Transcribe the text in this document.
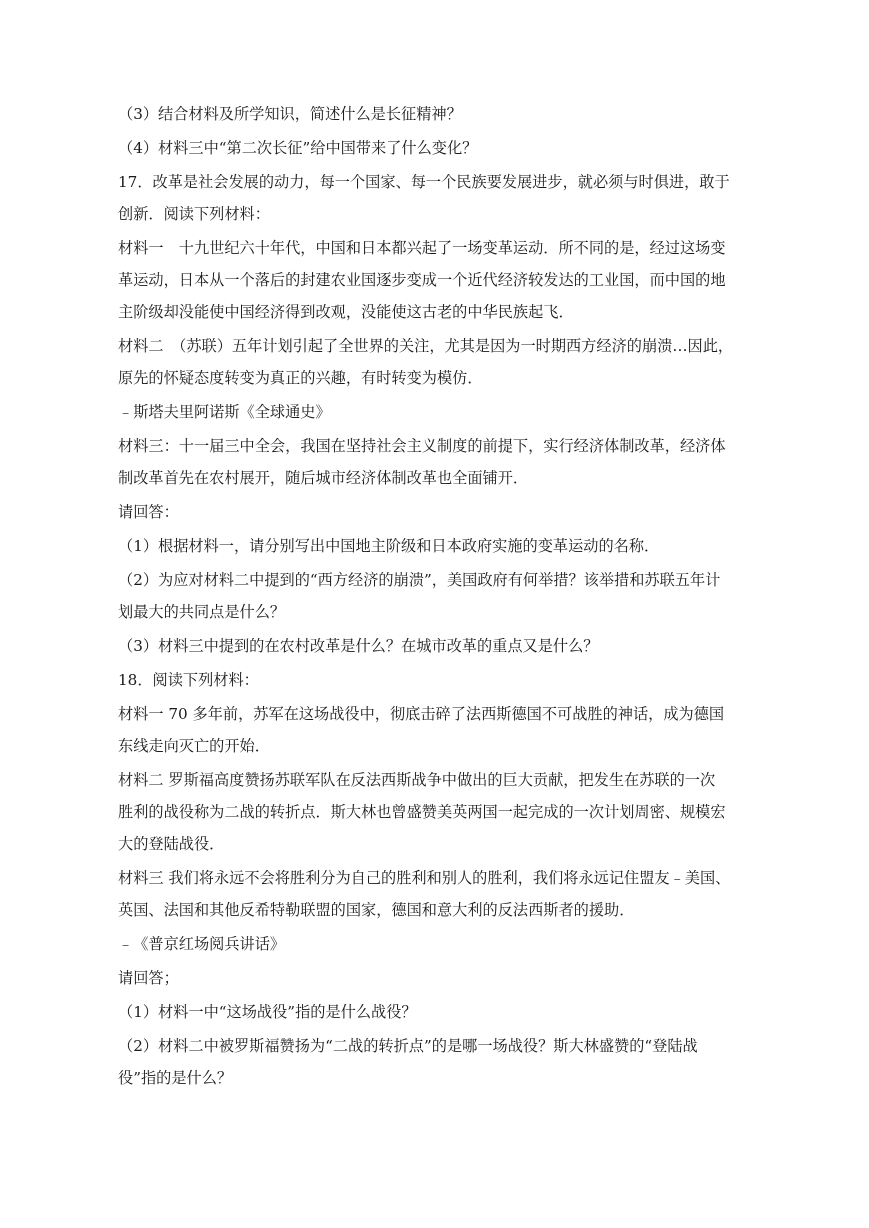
（3）结合材料及所学知识，简述什么是长征精神？

（4）材料三中“第二次长征”给中国带来了什么变化？

17．改革是社会发展的动力，每一个国家、每一个民族要发展进步，就必须与时俱进，敢于

创新．阅读下列材料：

材料一　十九世纪六十年代，中国和日本都兴起了一场变革运动．所不同的是，经过这场变

革运动，日本从一个落后的封建农业国逐步变成一个近代经济较发达的工业国，而中国的地

主阶级却没能使中国经济得到改观，没能使这古老的中华民族起飞．

材料二　（苏联）五年计划引起了全世界的关注，尤其是因为一时期西方经济的崩溃…因此，

原先的怀疑态度转变为真正的兴趣，有时转变为模仿．

﹣斯塔夫里阿诺斯《全球通史》

材料三：十一届三中全会，我国在坚持社会主义制度的前提下，实行经济体制改革，经济体

制改革首先在农村展开，随后城市经济体制改革也全面铺开．

请回答：

（1）根据材料一，请分别写出中国地主阶级和日本政府实施的变革运动的名称．

（2）为应对材料二中提到的“西方经济的崩溃”，美国政府有何举措？该举措和苏联五年计

划最大的共同点是什么？

（3）材料三中提到的在农村改革是什么？在城市改革的重点又是什么？

18．阅读下列材料：

材料一 70 多年前，苏军在这场战役中，彻底击碎了法西斯德国不可战胜的神话，成为德国

东线走向灭亡的开始．

材料二 罗斯福高度赞扬苏联军队在反法西斯战争中做出的巨大贡献，把发生在苏联的一次

胜利的战役称为二战的转折点．斯大林也曾盛赞美英两国一起完成的一次计划周密、规模宏

大的登陆战役．

材料三 我们将永远不会将胜利分为自己的胜利和别人的胜利，我们将永远记住盟友﹣美国、

英国、法国和其他反希特勒联盟的国家，德国和意大利的反法西斯者的援助．

﹣《普京红场阅兵讲话》

请回答；

（1）材料一中“这场战役”指的是什么战役？

（2）材料二中被罗斯福赞扬为“二战的转折点”的是哪一场战役？斯大林盛赞的“登陆战

役”指的是什么？
